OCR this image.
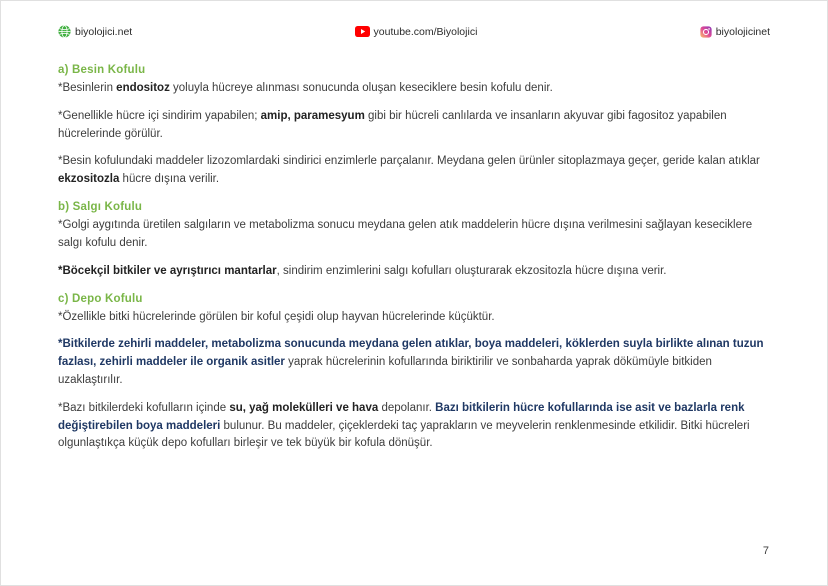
biyolojici.net	youtube.com/Biyolojici	biyolojicinet
a) Besin Kofulu

*Besinlerin endositoz yoluyla hücreye alınması sonucunda oluşan keseciklere besin kofulu denir.

*Genellikle hücre içi sindirim yapabilen; amip, paramesyum gibi bir hücreli canlılarda ve insanların akyuvar gibi fagositoz yapabilen hücrelerinde görülür.

*Besin kofulundaki maddeler lizozomlardaki sindirici enzimlerle parçalanır. Meydana gelen ürünler sitoplazmaya geçer, geride kalan atıklar ekzositozla hücre dışına verilir.

b) Salgı Kofulu

*Golgi aygıtında üretilen salgıların ve metabolizma sonucu meydana gelen atık maddelerin hücre dışına verilmesini sağlayan keseciklere salgı kofulu denir.

*Böcekçil bitkiler ve ayrıştırıcı mantarlar, sindirim enzimlerini salgı kofulları oluşturarak ekzositozla hücre dışına verir.

c) Depo Kofulu

*Özellikle bitki hücrelerinde görülen bir koful çeşidi olup hayvan hücrelerinde küçüktür.

*Bitkilerde zehirli maddeler, metabolizma sonucunda meydana gelen atıklar, boya maddeleri, köklerden suyla birlikte alınan tuzun fazlası, zehirli maddeler ile organik asitler yaprak hücrelerinin kofullarında biriktirilir ve sonbaharda yaprak dökümüyle bitkiden uzaklaştırılır.

*Bazı bitkilerdeki kofulların içinde su, yağ molekülleri ve hava depolanır. Bazı bitkilerin hücre kofullarında ise asit ve bazlarla renk değiştirebilen boya maddeleri bulunur. Bu maddeler, çiçeklerdeki taç yaprakların ve meyvelerin renklenmesinde etkilidir. Bitki hücreleri olgunlaştıkça küçük depo kofulları birleşir ve tek büyük bir kofula dönüşür.

7
